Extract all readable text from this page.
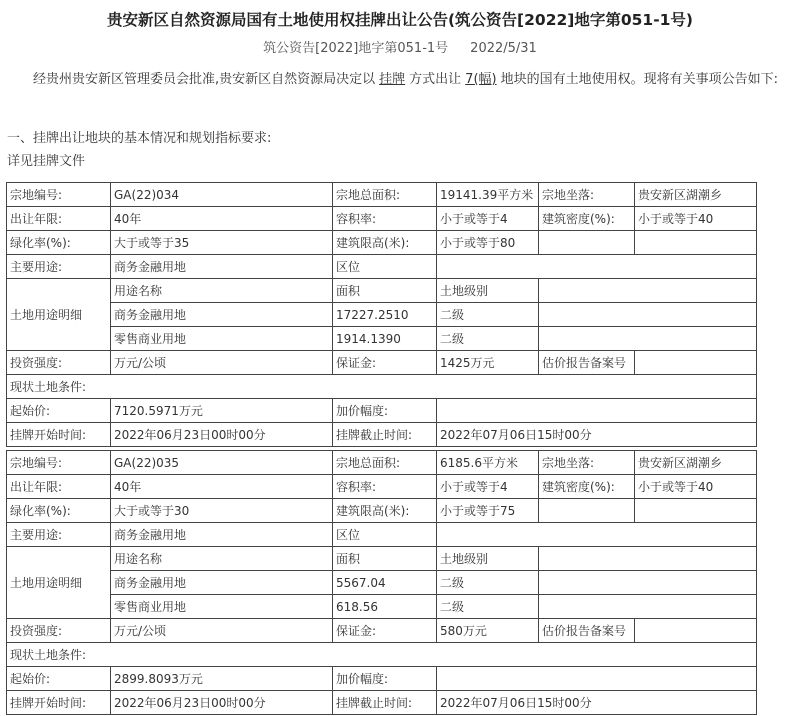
贵安新区自然资源局国有土地使用权挂牌出让公告(筑公资告[2022]地字第051-1号)
筑公资告[2022]地字第051-1号 2022/5/31
经贵州贵安新区管理委员会批准,贵安新区自然资源局决定以 挂牌 方式出让 7(幅) 地块的国有土地使用权。现将有关事项公告如下:
一、挂牌出让地块的基本情况和规划指标要求:
详见挂牌文件
宗地编号:	GA(22)034	宗地总面积:	19141.39平方米	宗地坐落:	贵安新区湖潮乡
出让年限:	40年	容积率:	小于或等于4	建筑密度(%):	小于或等于40
绿化率(%):	大于或等于35	建筑限高(米):	小于或等于80		
主要用途:	商务金融用地	区位			
土地用途明细	用途名称	面积	土地级别		
	商务金融用地	17227.2510	二级		
	零售商业用地	1914.1390	二级		
投资强度:	万元/公顷	保证金:	1425万元	估价报告备案号	
现状土地条件:					
起始价:	7120.5971万元	加价幅度:			
挂牌开始时间:	2022年06月23日00时00分	挂牌截止时间:	2022年07月06日15时00分		
宗地编号:	GA(22)035	宗地总面积:	6185.6平方米	宗地坐落:	贵安新区湖潮乡
出让年限:	40年	容积率:	小于或等于4	建筑密度(%):	小于或等于40
绿化率(%):	大于或等于30	建筑限高(米):	小于或等于75		
主要用途:	商务金融用地	区位			
土地用途明细	用途名称	面积	土地级别		
	商务金融用地	5567.04	二级		
	零售商业用地	618.56	二级		
投资强度:	万元/公顷	保证金:	580万元	估价报告备案号	
现状土地条件:					
起始价:	2899.8093万元	加价幅度:			
挂牌开始时间:	2022年06月23日00时00分	挂牌截止时间:	2022年07月06日15时00分		
